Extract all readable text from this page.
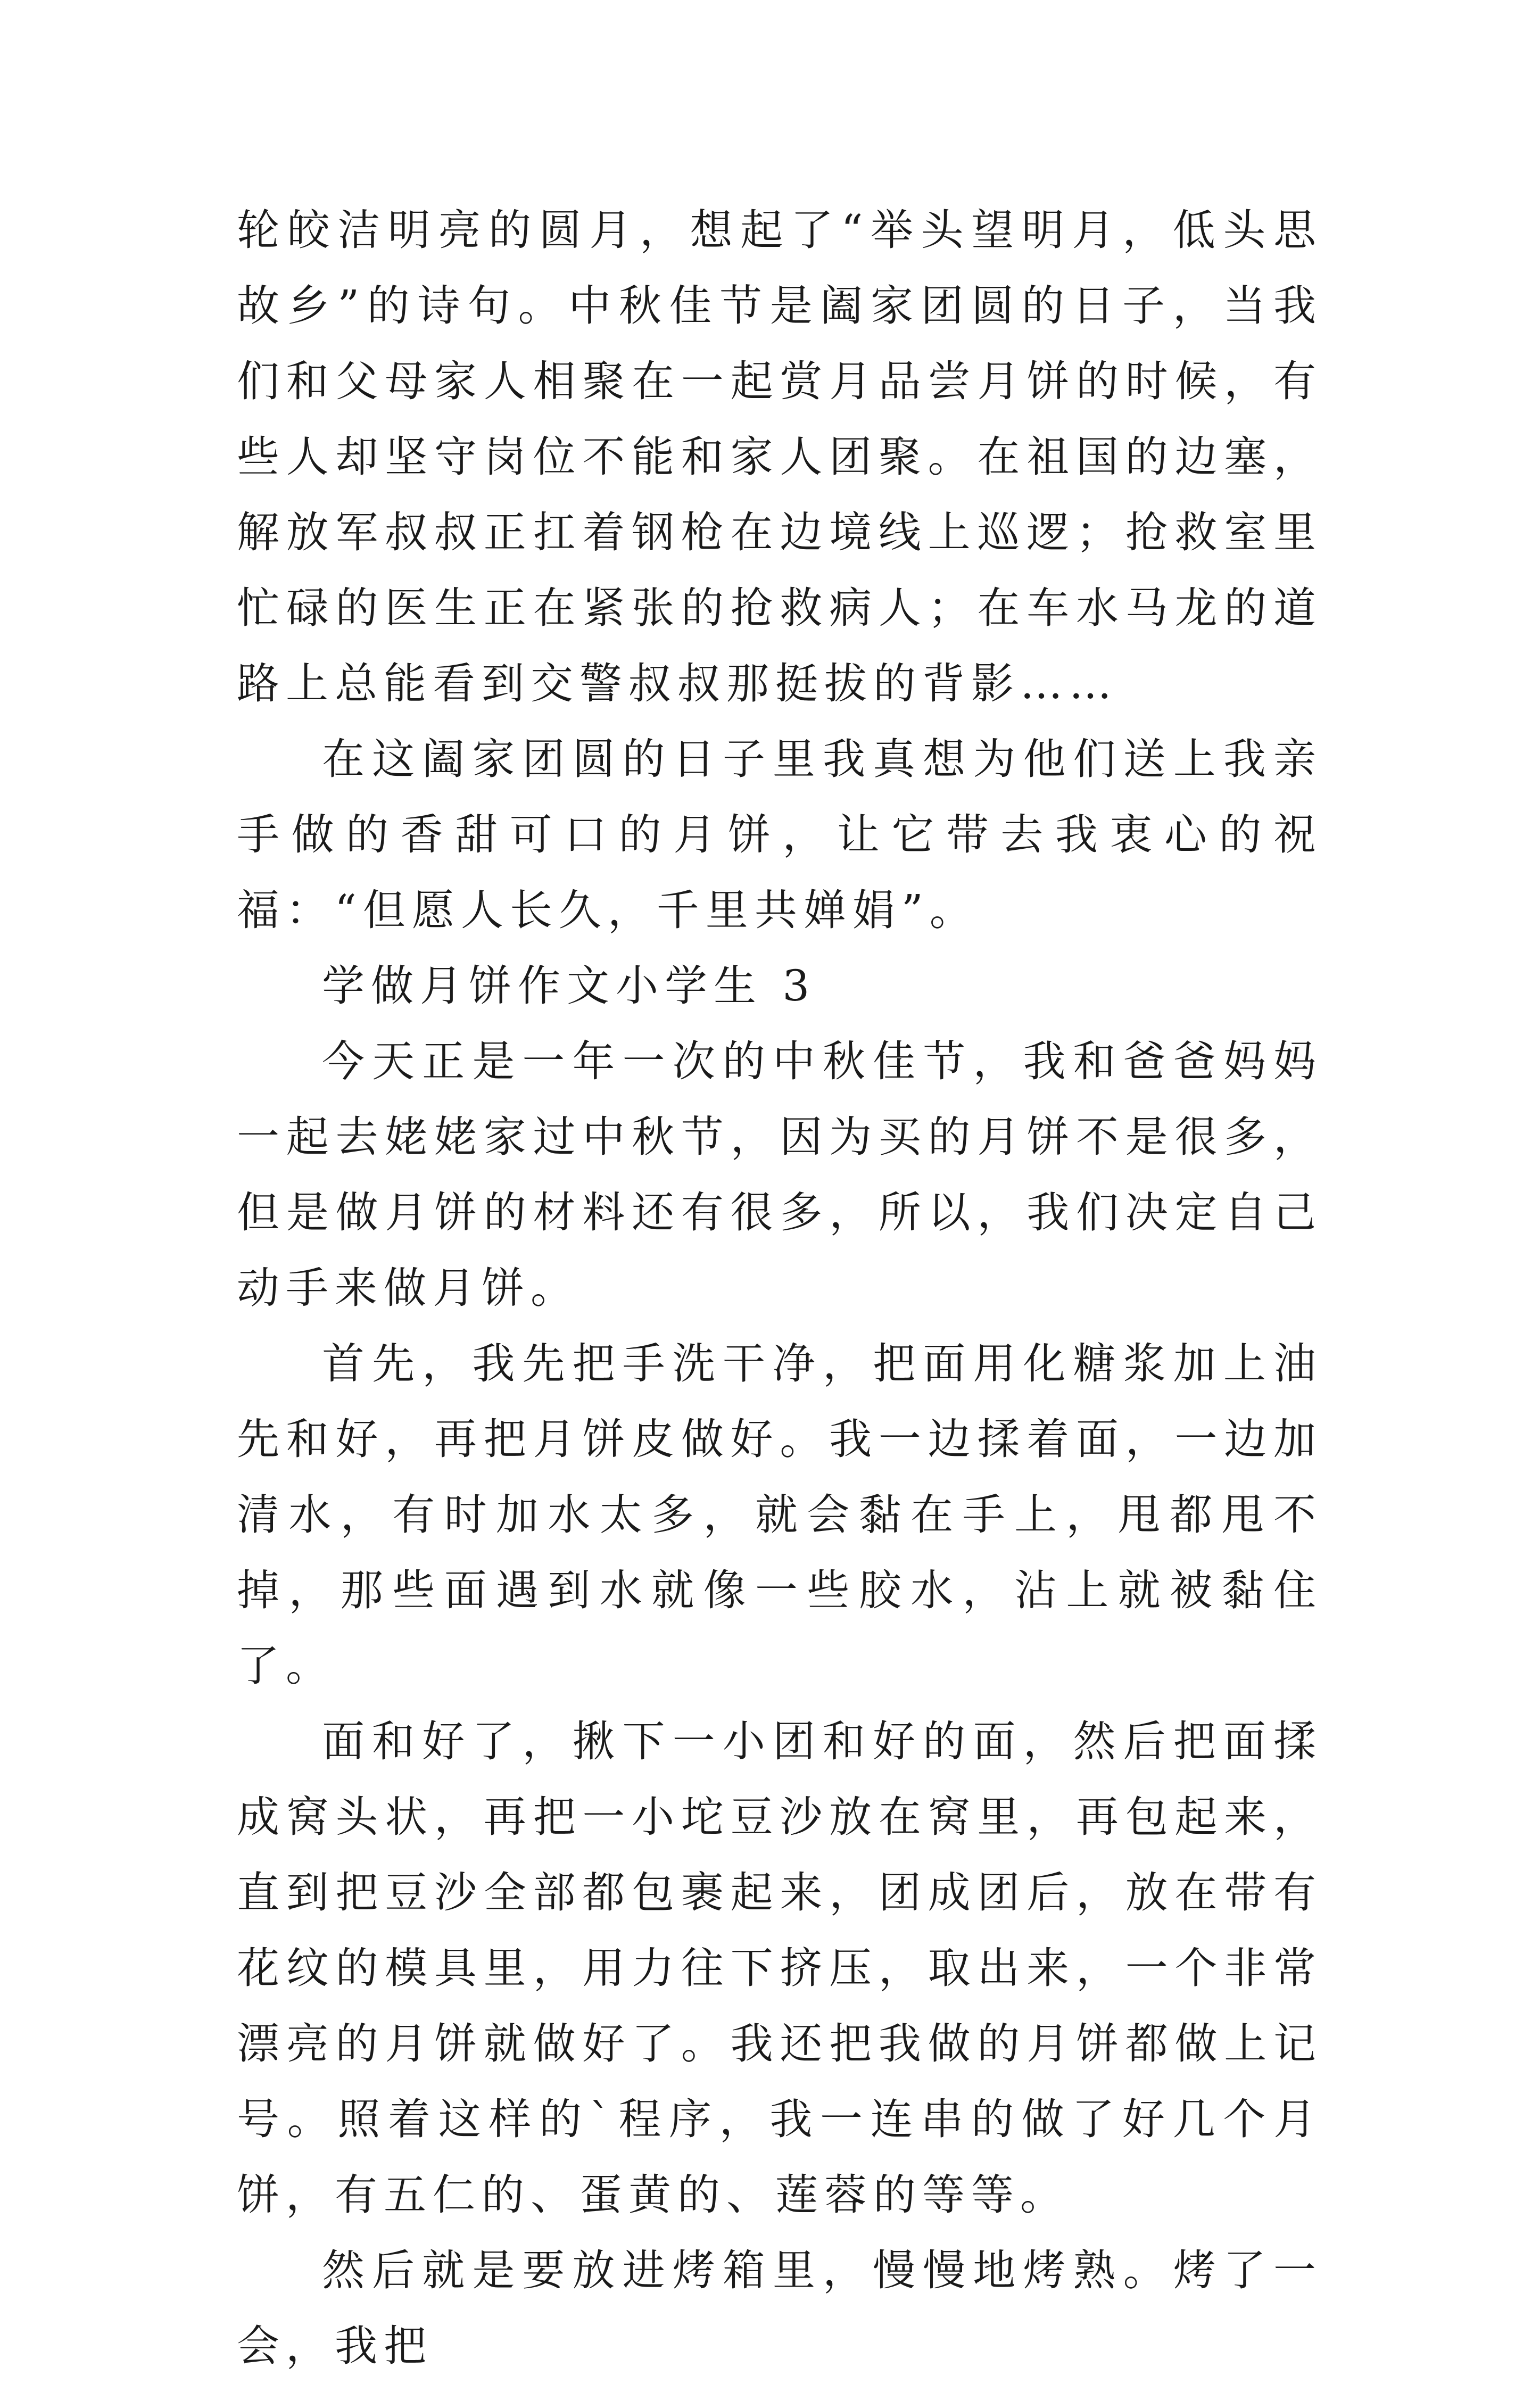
轮皎洁明亮的圆月，想起了“举头望明月，低头思故乡”的诗句。中秋佳节是阖家团圆的日子，当我们和父母家人相聚在一起赏月品尝月饼的时候，有些人却坚守岗位不能和家人团聚。在祖国的边塞，解放军叔叔正扛着钢枪在边境线上巡逻；抢救室里忙碌的医生正在紧张的抢救病人；在车水马龙的道路上总能看到交警叔叔那挺拔的背影……

在这阖家团圆的日子里我真想为他们送上我亲手做的香甜可口的月饼，让它带去我衷心的祝福：“但愿人长久，千里共婵娟”。

学做月饼作文小学生 3

今天正是一年一次的中秋佳节，我和爸爸妈妈一起去姥姥家过中秋节，因为买的月饼不是很多，但是做月饼的材料还有很多，所以，我们决定自己动手来做月饼。

首先，我先把手洗干净，把面用化糖浆加上油先和好，再把月饼皮做好。我一边揉着面，一边加清水，有时加水太多，就会黏在手上，甩都甩不掉，那些面遇到水就像一些胶水，沾上就被黏住了。

面和好了，揪下一小团和好的面，然后把面揉成窝头状，再把一小坨豆沙放在窝里，再包起来，直到把豆沙全部都包裹起来，团成团后，放在带有花纹的模具里，用力往下挤压，取出来，一个非常漂亮的月饼就做好了。我还把我做的月饼都做上记号。照着这样的`程序，我一连串的做了好几个月饼，有五仁的、蛋黄的、莲蓉的等等。

然后就是要放进烤箱里，慢慢地烤熟。烤了一会，我把
